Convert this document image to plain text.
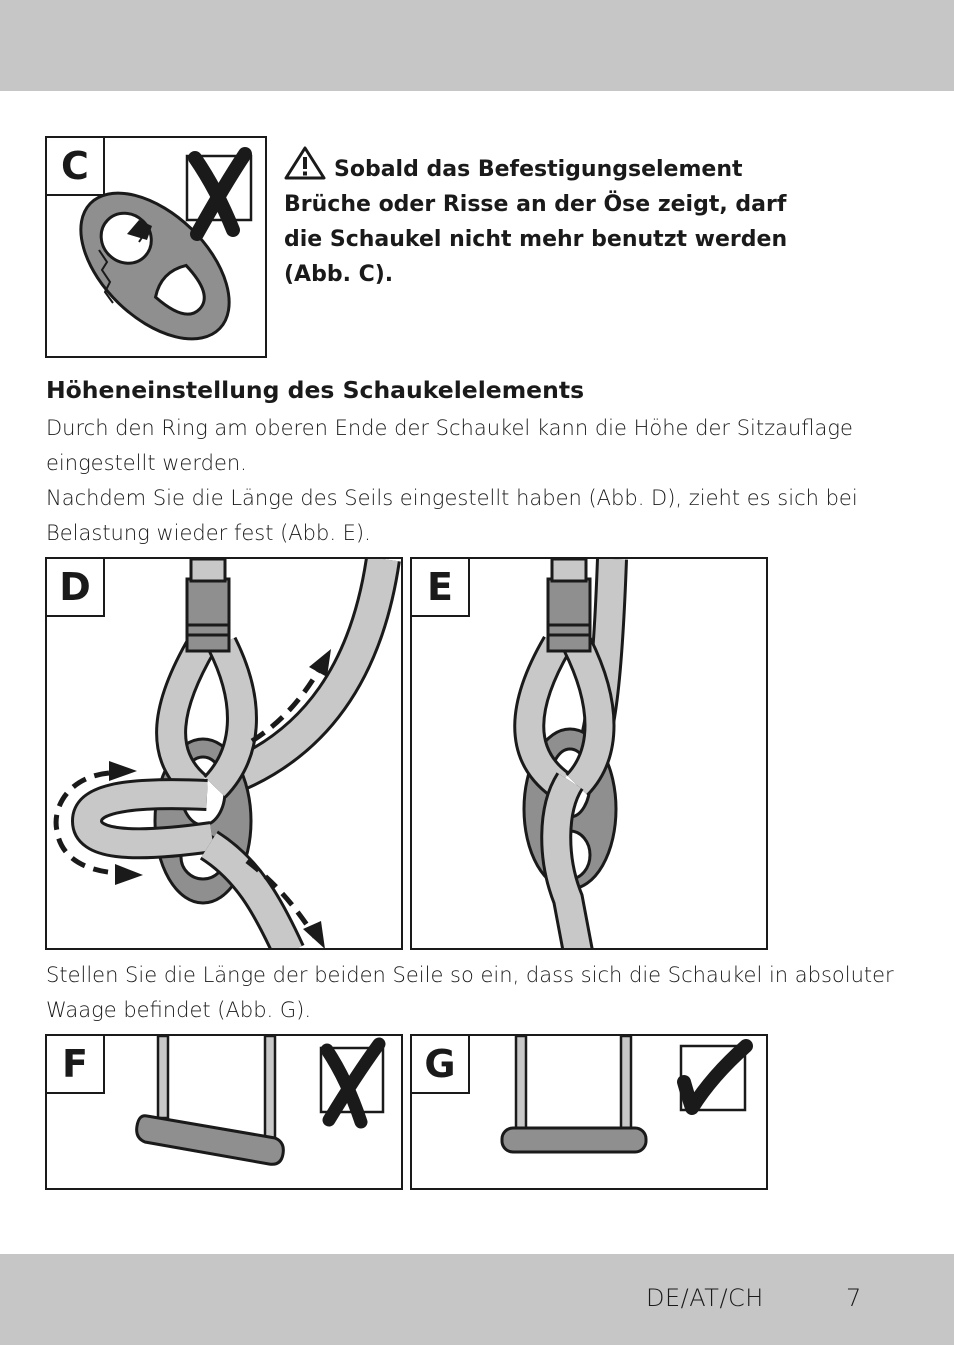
C	Sobald das Befestigungselement Brüche oder Risse an der Öse zeigt, darf die Schaukel nicht mehr benutzt werden (Abb. C).
Höheneinstellung des Schaukelelements
Durch den Ring am oberen Ende der Schaukel kann die Höhe der Sitzauflage eingestellt werden.
Nachdem Sie die Länge des Seils eingestellt haben (Abb. D), zieht es sich bei Belastung wieder fest (Abb. E).
D	E
Stellen Sie die Länge der beiden Seile so ein, dass sich die Schaukel in absoluter Waage befindet (Abb. G).
F	G
DE/AT/CH	7
